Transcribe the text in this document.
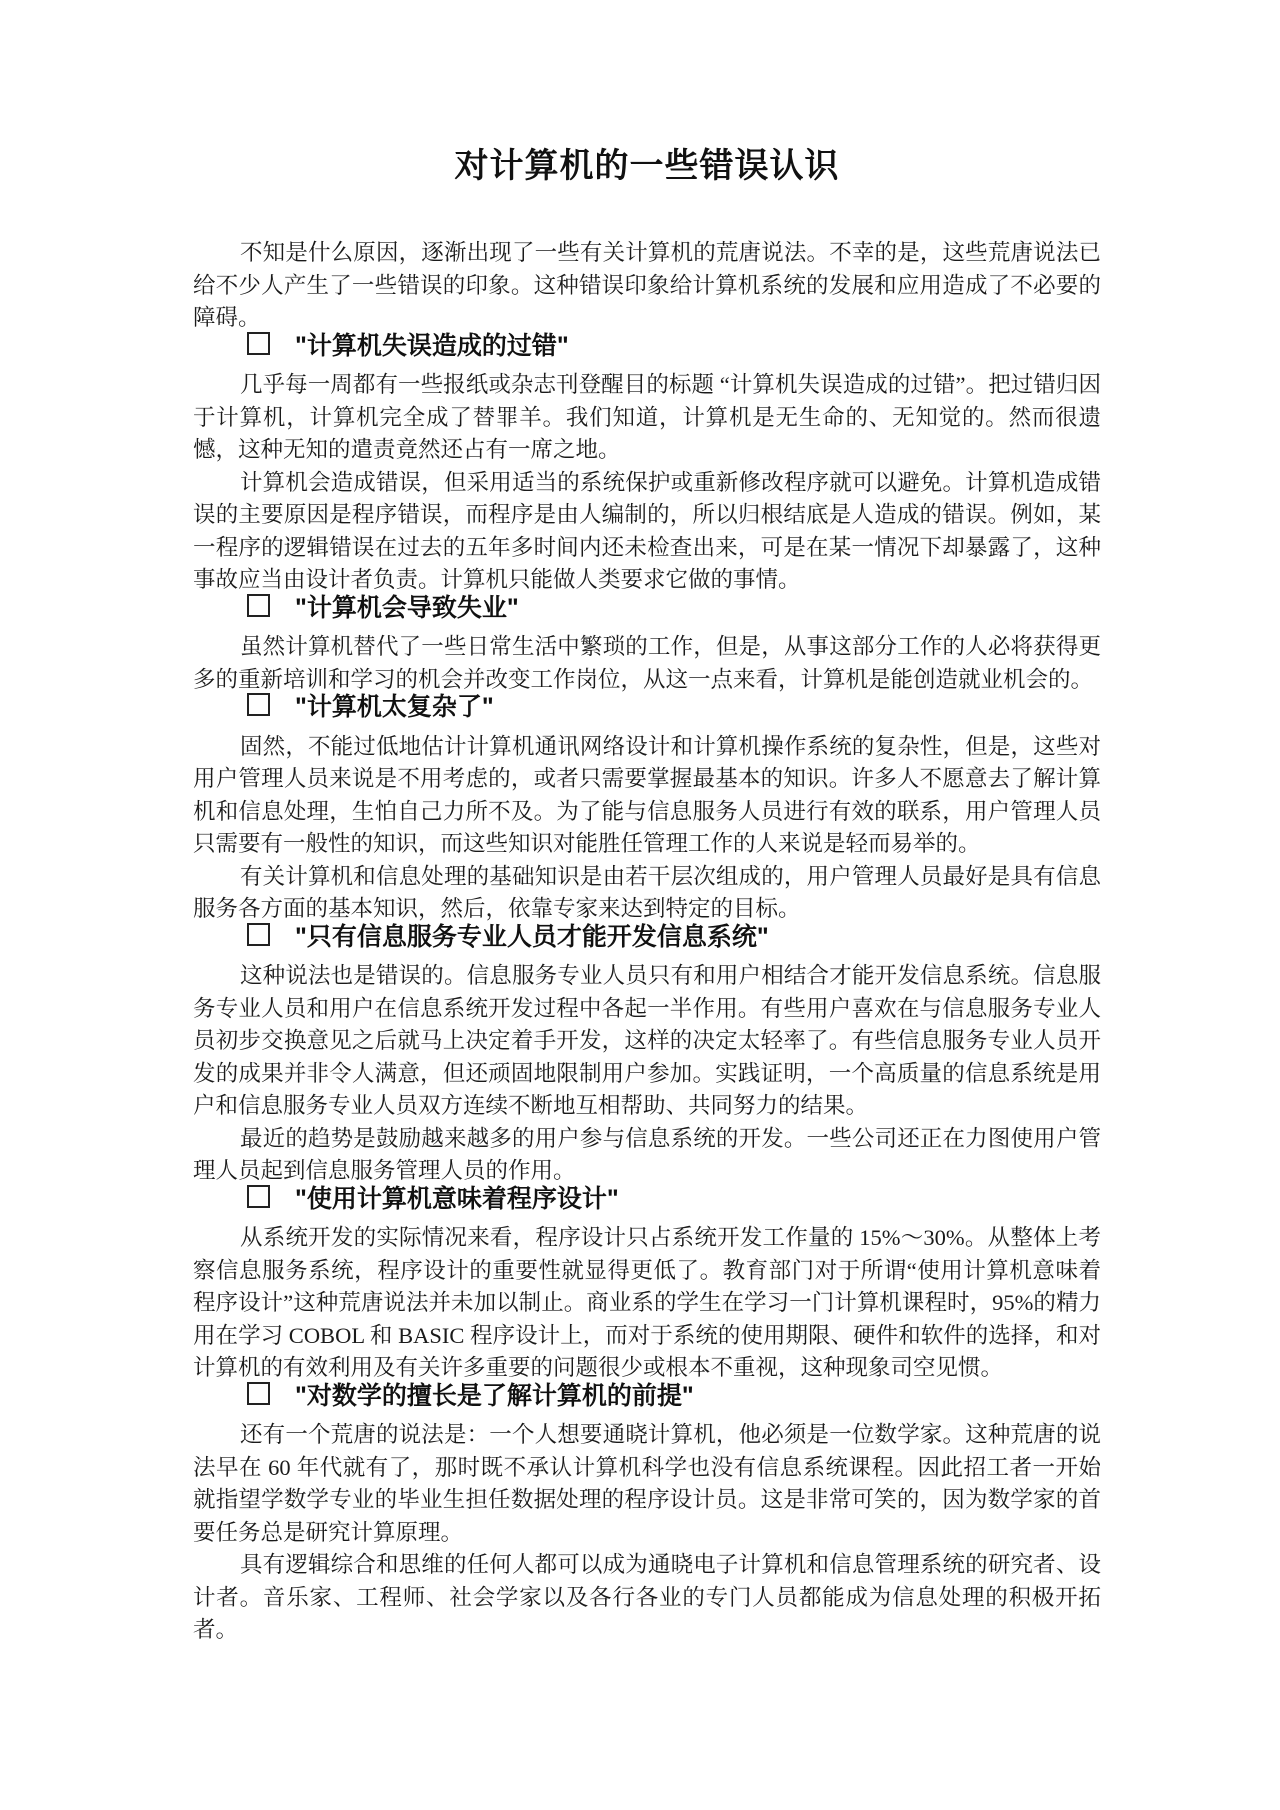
对计算机的一些错误认识

不知是什么原因，逐渐出现了一些有关计算机的荒唐说法。不幸的是，这些荒唐说法已给不少人产生了一些错误的印象。这种错误印象给计算机系统的发展和应用造成了不必要的障碍。

"计算机失误造成的过错"

几乎每一周都有一些报纸或杂志刊登醒目的标题 “计算机失误造成的过错”。把过错归因于计算机，计算机完全成了替罪羊。我们知道，计算机是无生命的、无知觉的。然而很遗憾，这种无知的遣责竟然还占有一席之地。

计算机会造成错误，但采用适当的系统保护或重新修改程序就可以避免。计算机造成错误的主要原因是程序错误，而程序是由人编制的，所以归根结底是人造成的错误。例如，某一程序的逻辑错误在过去的五年多时间内还未检查出来，可是在某一情况下却暴露了，这种事故应当由设计者负责。计算机只能做人类要求它做的事情。

"计算机会导致失业"

虽然计算机替代了一些日常生活中繁琐的工作，但是，从事这部分工作的人必将获得更多的重新培训和学习的机会并改变工作岗位，从这一点来看，计算机是能创造就业机会的。

"计算机太复杂了"

固然，不能过低地估计计算机通讯网络设计和计算机操作系统的复杂性，但是，这些对用户管理人员来说是不用考虑的，或者只需要掌握最基本的知识。许多人不愿意去了解计算机和信息处理，生怕自己力所不及。为了能与信息服务人员进行有效的联系，用户管理人员只需要有一般性的知识，而这些知识对能胜任管理工作的人来说是轻而易举的。

有关计算机和信息处理的基础知识是由若干层次组成的，用户管理人员最好是具有信息服务各方面的基本知识，然后，依靠专家来达到特定的目标。

"只有信息服务专业人员才能开发信息系统"

这种说法也是错误的。信息服务专业人员只有和用户相结合才能开发信息系统。信息服务专业人员和用户在信息系统开发过程中各起一半作用。有些用户喜欢在与信息服务专业人员初步交换意见之后就马上决定着手开发，这样的决定太轻率了。有些信息服务专业人员开发的成果并非令人满意，但还顽固地限制用户参加。实践证明，一个高质量的信息系统是用户和信息服务专业人员双方连续不断地互相帮助、共同努力的结果。

最近的趋势是鼓励越来越多的用户参与信息系统的开发。一些公司还正在力图使用户管理人员起到信息服务管理人员的作用。

"使用计算机意味着程序设计"

从系统开发的实际情况来看，程序设计只占系统开发工作量的 15%～30%。从整体上考察信息服务系统，程序设计的重要性就显得更低了。教育部门对于所谓“使用计算机意味着程序设计”这种荒唐说法并未加以制止。商业系的学生在学习一门计算机课程时，95%的精力用在学习 COBOL 和 BASIC 程序设计上，而对于系统的使用期限、硬件和软件的选择，和对计算机的有效利用及有关许多重要的问题很少或根本不重视，这种现象司空见惯。

"对数学的擅长是了解计算机的前提"

还有一个荒唐的说法是：一个人想要通晓计算机，他必须是一位数学家。这种荒唐的说法早在 60 年代就有了，那时既不承认计算机科学也没有信息系统课程。因此招工者一开始就指望学数学专业的毕业生担任数据处理的程序设计员。这是非常可笑的，因为数学家的首要任务总是研究计算原理。

具有逻辑综合和思维的任何人都可以成为通晓电子计算机和信息管理系统的研究者、设计者。音乐家、工程师、社会学家以及各行各业的专门人员都能成为信息处理的积极开拓者。
